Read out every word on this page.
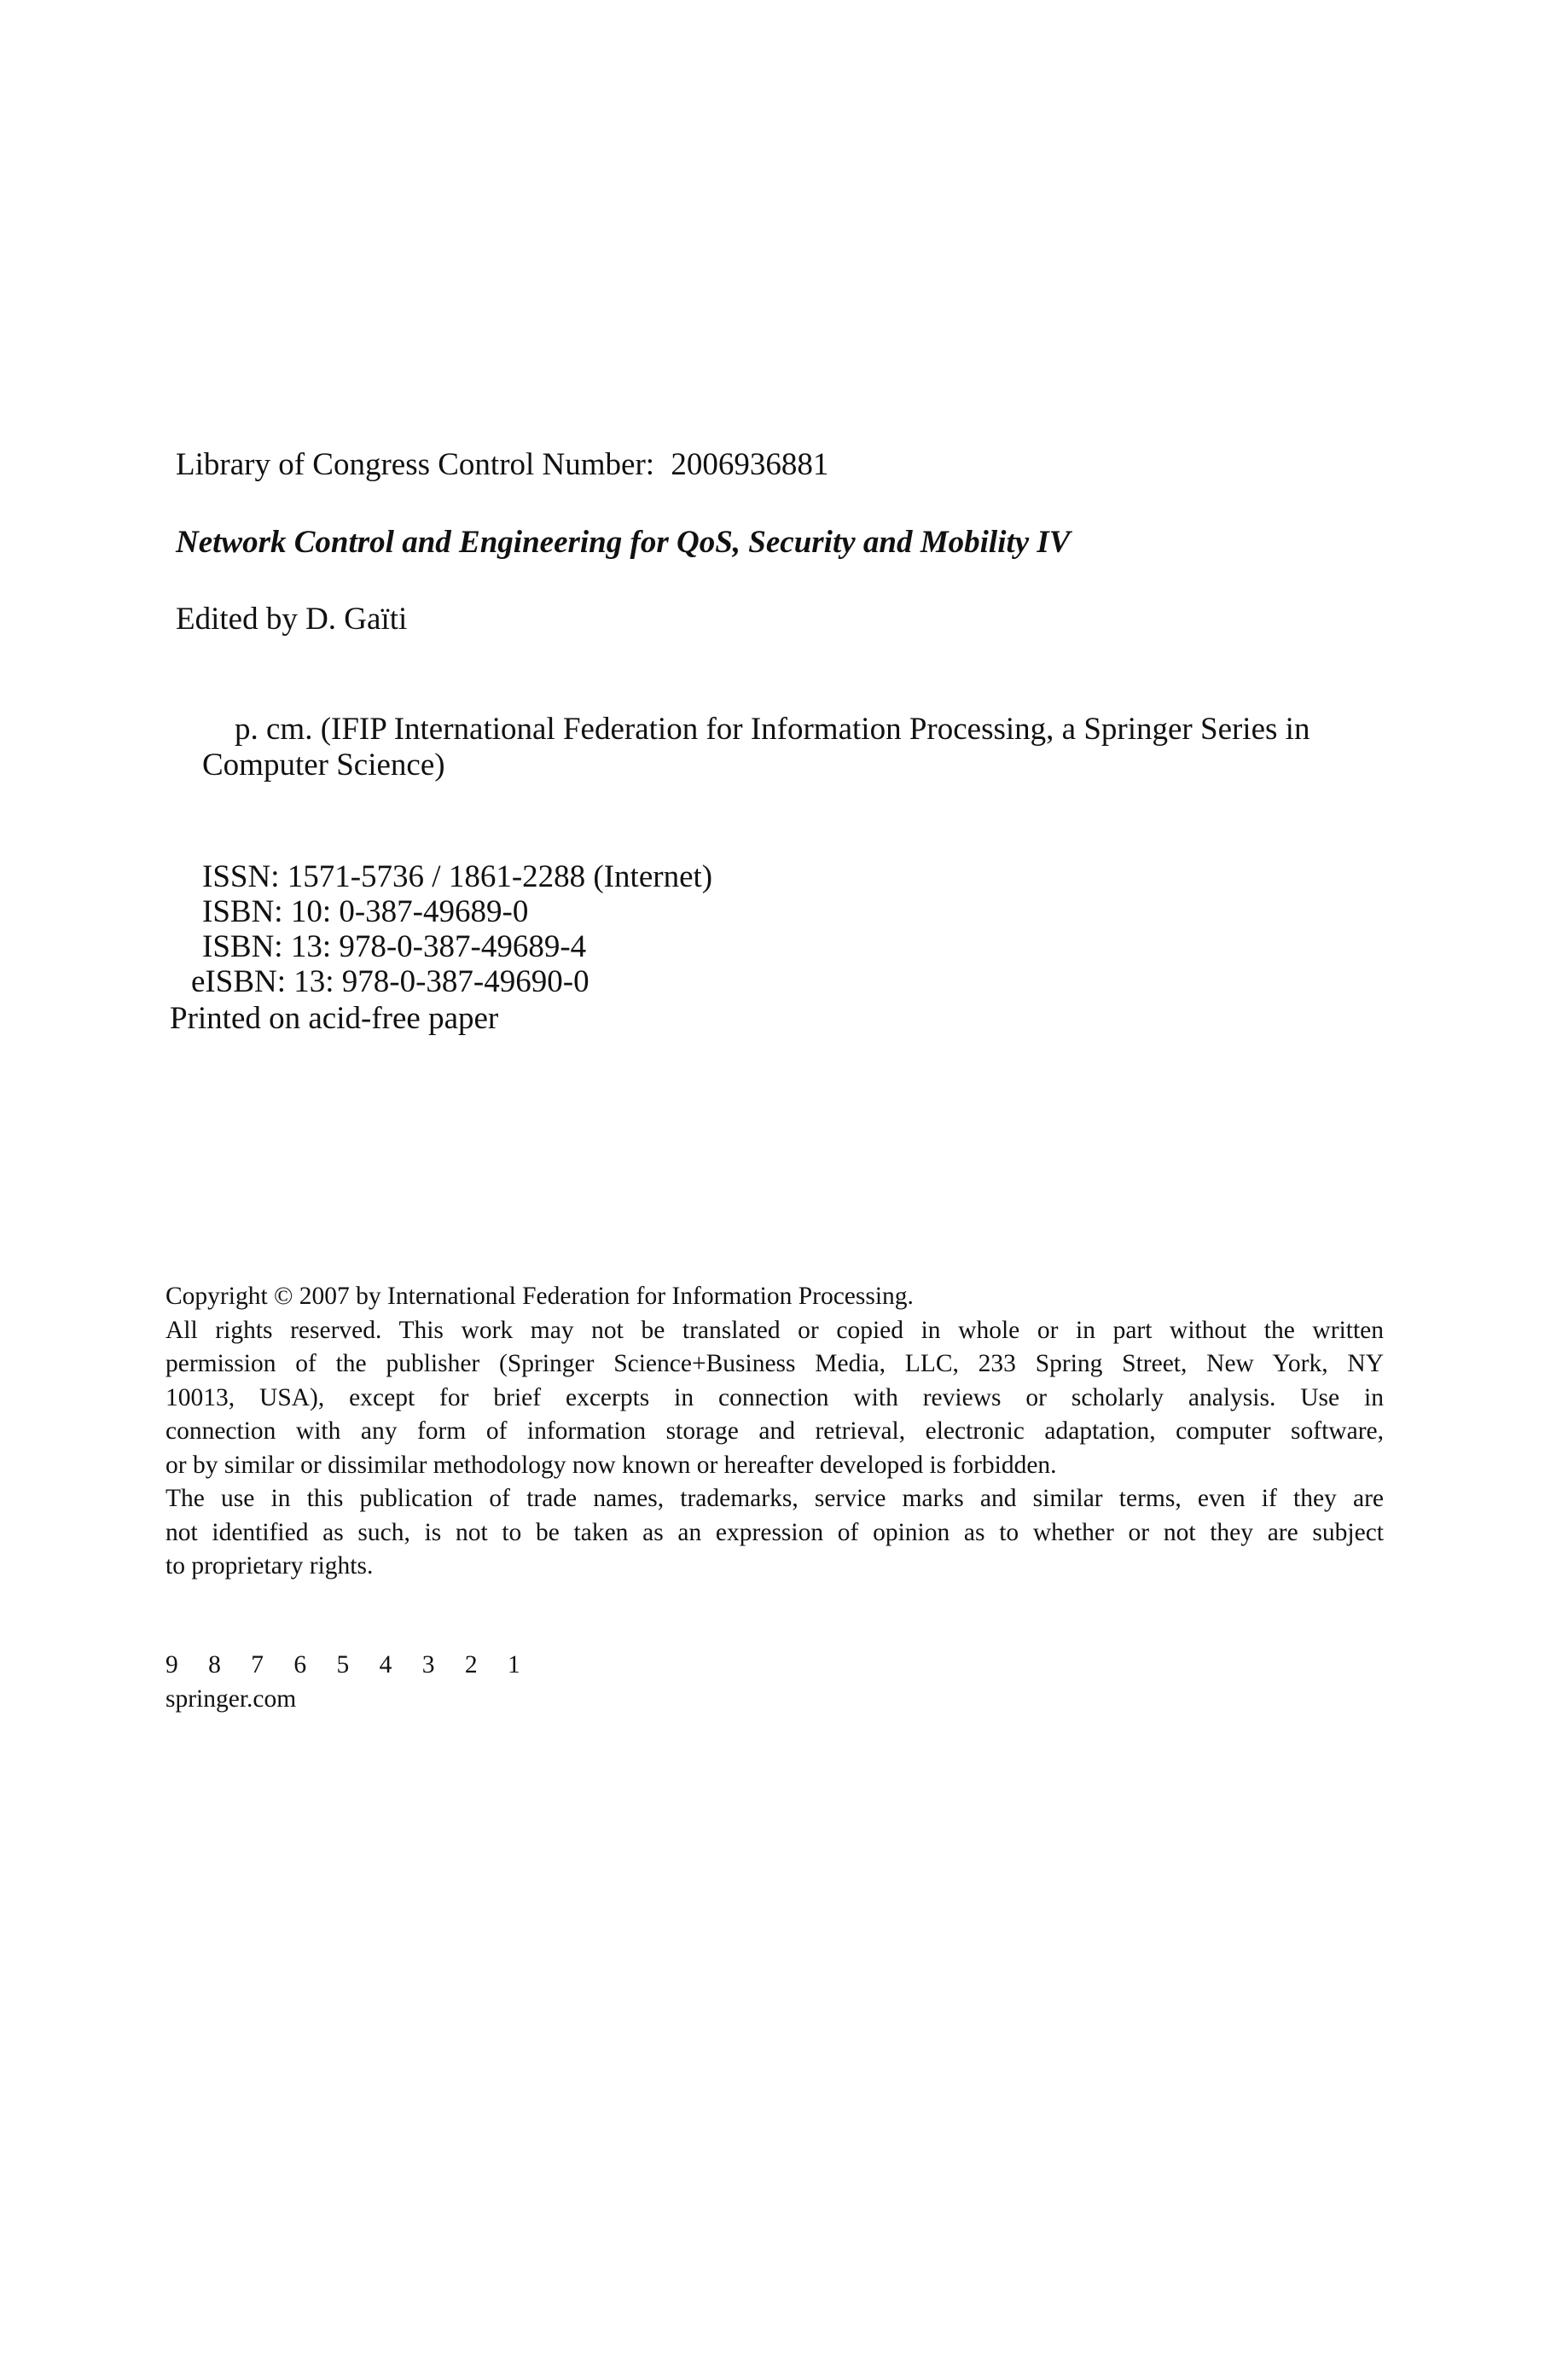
Library of Congress Control Number: 2006936881
Network Control and Engineering for QoS, Security and Mobility IV
Edited by D. Gaïti
p. cm. (IFIP International Federation for Information Processing, a Springer Series in
Computer Science)
ISSN: 1571-5736 / 1861-2288 (Internet)
ISBN: 10: 0-387-49689-0
ISBN: 13: 978-0-387-49689-4
eISBN: 13: 978-0-387-49690-0
Printed on acid-free paper
Copyright © 2007 by International Federation for Information Processing.
All rights reserved. This work may not be translated or copied in whole or in part without the written
permission of the publisher (Springer Science+Business Media, LLC, 233 Spring Street, New York, NY
10013, USA), except for brief excerpts in connection with reviews or scholarly analysis. Use in
connection with any form of information storage and retrieval, electronic adaptation, computer software,
or by similar or dissimilar methodology now known or hereafter developed is forbidden.
The use in this publication of trade names, trademarks, service marks and similar terms, even if they are
not identified as such, is not to be taken as an expression of opinion as to whether or not they are subject
to proprietary rights.
9 8 7 6 5 4 3 2 1
springer.com
